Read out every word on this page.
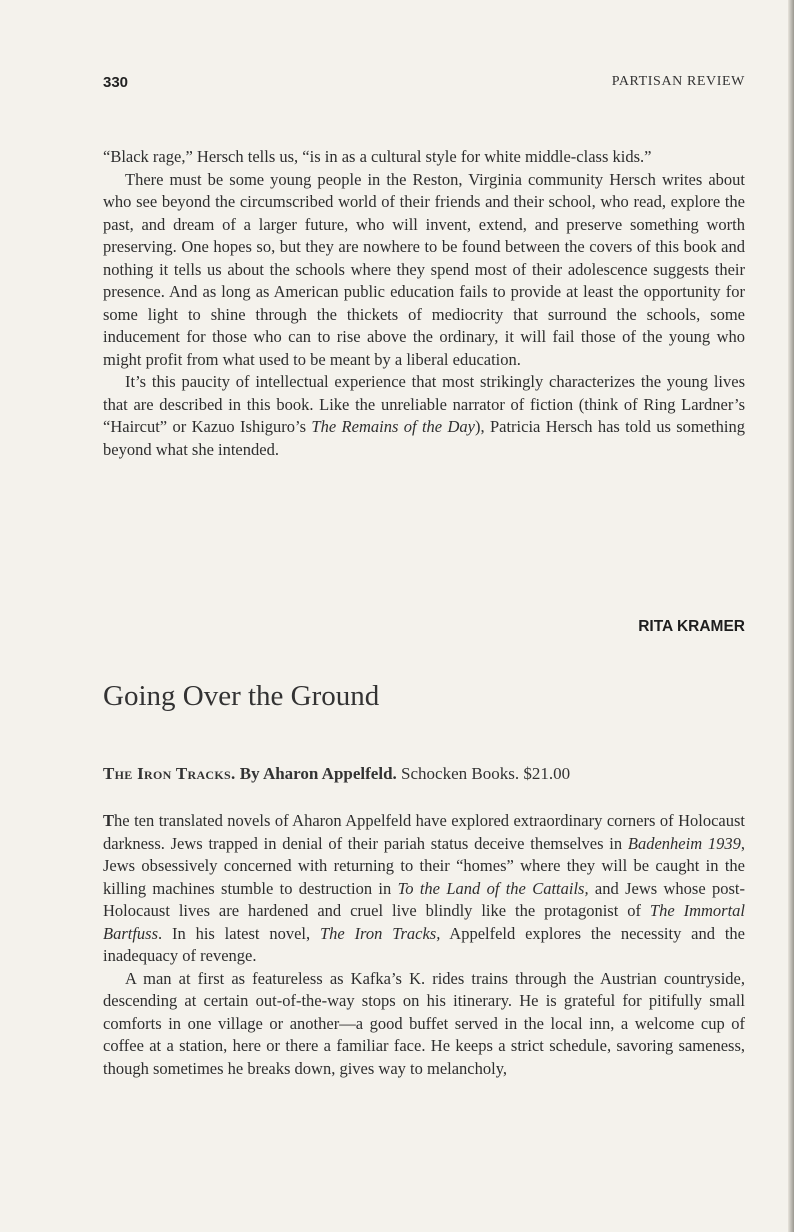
330	PARTISAN REVIEW

“Black rage,” Hersch tells us, “is in as a cultural style for white middle-class kids.”

There must be some young people in the Reston, Virginia community Hersch writes about who see beyond the circumscribed world of their friends and their school, who read, explore the past, and dream of a larger future, who will invent, extend, and preserve something worth preserving. One hopes so, but they are nowhere to be found between the covers of this book and nothing it tells us about the schools where they spend most of their adolescence suggests their presence. And as long as American public education fails to provide at least the opportunity for some light to shine through the thickets of mediocrity that surround the schools, some inducement for those who can to rise above the ordinary, it will fail those of the young who might profit from what used to be meant by a liberal education.

It’s this paucity of intellectual experience that most strikingly characterizes the young lives that are described in this book. Like the unreliable narrator of fiction (think of Ring Lardner’s “Haircut” or Kazuo Ishiguro’s The Remains of the Day), Patricia Hersch has told us something beyond what she intended.

RITA KRAMER
Going Over the Ground
The Iron Tracks. By Aharon Appelfeld. Schocken Books. $21.00

The ten translated novels of Aharon Appelfeld have explored extraordinary corners of Holocaust darkness. Jews trapped in denial of their pariah status deceive themselves in Badenheim 1939, Jews obsessively concerned with returning to their “homes” where they will be caught in the killing machines stumble to destruction in To the Land of the Cattails, and Jews whose post-Holocaust lives are hardened and cruel live blindly like the protagonist of The Immortal Bartfuss. In his latest novel, The Iron Tracks, Appelfeld explores the necessity and the inadequacy of revenge.

A man at first as featureless as Kafka’s K. rides trains through the Austrian countryside, descending at certain out-of-the-way stops on his itinerary. He is grateful for pitifully small comforts in one village or another—a good buffet served in the local inn, a welcome cup of coffee at a station, here or there a familiar face. He keeps a strict schedule, savoring sameness, though sometimes he breaks down, gives way to melancholy,
